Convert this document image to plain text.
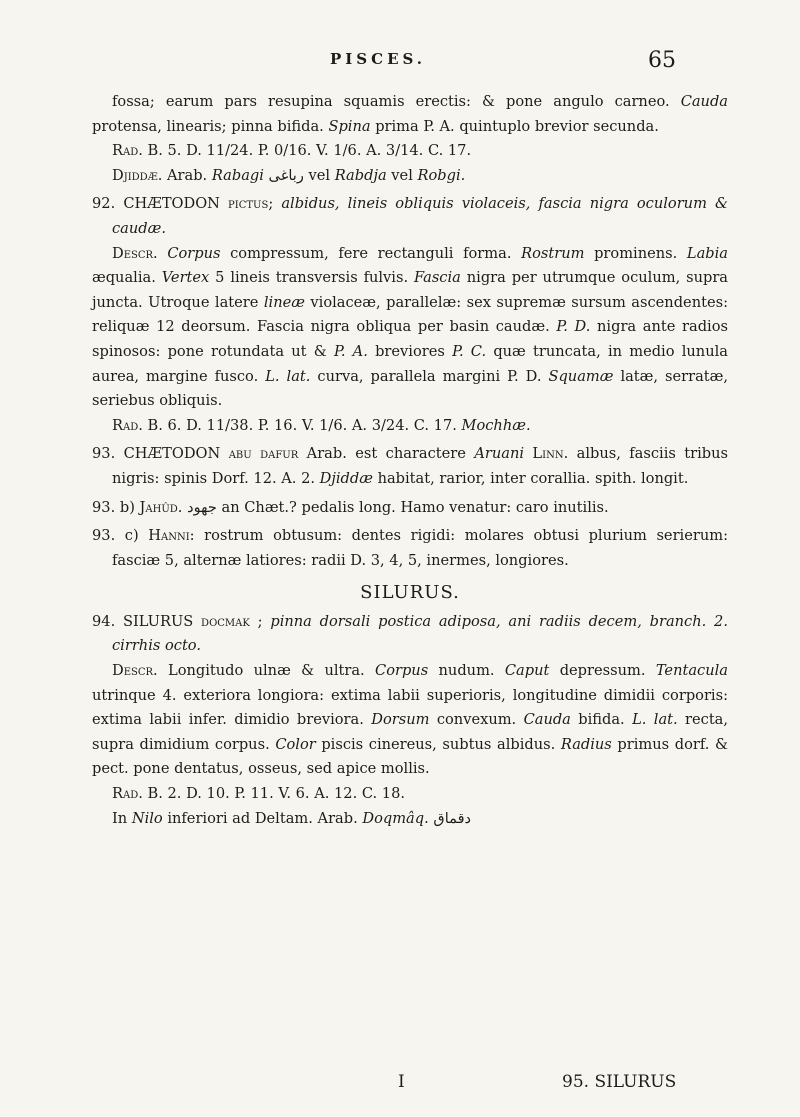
PISCES.	65

fossa; earum pars resupina squamis erectis: & pone angulo carneo. Cauda protensa, linearis; pinna bifida. Spina prima P. A. quintuplo brevior secunda.

Rad. B. 5. D. 11/24. P. 0/16. V. 1/6. A. 3/14. C. 17.

Djiddæ. Arab. Rabagi رباغى vel Rabdja vel Robgi.

92. CHÆTODON pictus; albidus, lineis obliquis violaceis, fascia nigra oculorum & caudæ.

Descr. Corpus compressum, fere rectanguli forma. Rostrum prominens. Labia æqualia. Vertex 5 lineis transversis fulvis. Fascia nigra per utrumque oculum, supra juncta. Utroque latere lineæ violaceæ, parallelæ: sex supremæ sursum ascendentes: reliquæ 12 deorsum. Fascia nigra obliqua per basin caudæ. P. D. nigra ante radios spinosos: pone rotundata ut & P. A. breviores P. C. quæ truncata, in medio lunula aurea, margine fusco. L. lat. curva, parallela margini P. D. Squamæ latæ, serratæ, seriebus obliquis.

Rad. B. 6. D. 11/38. P. 16. V. 1/6. A. 3/24. C. 17. Mochhæ.

93. CHÆTODON abu dafur Arab. est charactere Aruani Linn. albus, fasciis tribus nigris: spinis Dorf. 12. A. 2. Djiddæ habitat, rarior, inter corallia. spith. longit.

93. b) Jahûd. جهود an Chæt.? pedalis long. Hamo venatur: caro inutilis.

93. c) Hanni: rostrum obtusum: dentes rigidi: molares obtusi plurium serierum: fasciæ 5, alternæ latiores: radii D. 3, 4, 5, inermes, longiores.

SILURUS.

94. SILURUS docmak ; pinna dorsali postica adiposa, ani radiis decem, branch. 2. cirrhis octo.

Descr. Longitudo ulnæ & ultra. Corpus nudum. Caput depressum. Tentacula utrinque 4. exteriora longiora: extima labii superioris, longitudine dimidii corporis: extima labii infer. dimidio breviora. Dorsum convexum. Cauda bifida. L. lat. recta, supra dimidium corpus. Color piscis cinereus, subtus albidus. Radius primus dorf. & pect. pone dentatus, osseus, sed apice mollis.

Rad. B. 2. D. 10. P. 11. V. 6. A. 12. C. 18.

In Nilo inferiori ad Deltam. Arab. Doqmâq. دقماق

I	95. SILURUS
